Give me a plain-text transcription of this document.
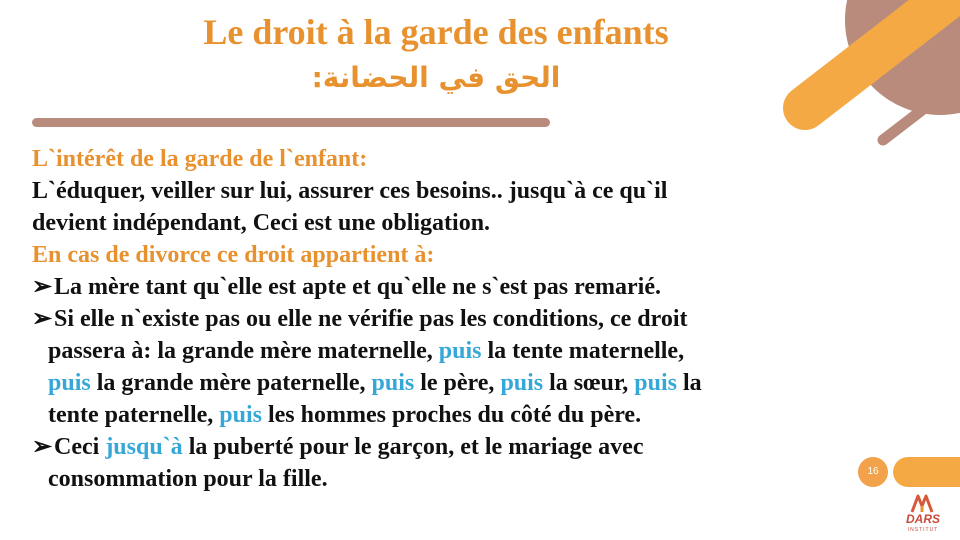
Le droit à la garde des enfants
الحق في الحضانة:
L`intérêt de la garde de l`enfant:
L`éduquer, veiller sur lui, assurer ces besoins.. jusqu`à ce qu`il
devient indépendant, Ceci est une obligation.
En cas de divorce ce droit appartient à:
➢La mère tant qu`elle est apte et qu`elle ne s`est pas remarié.
➢Si elle n`existe pas ou elle ne vérifie pas les conditions, ce droit
passera à: la grande mère maternelle, puis la tente maternelle,
puis la grande mère paternelle, puis le père, puis la sœur, puis la
tente paternelle, puis les hommes proches du côté du père.
➢Ceci jusqu`à la puberté pour le garçon, et le mariage avec
consommation pour la fille.	16
DARS
INSTITUT
